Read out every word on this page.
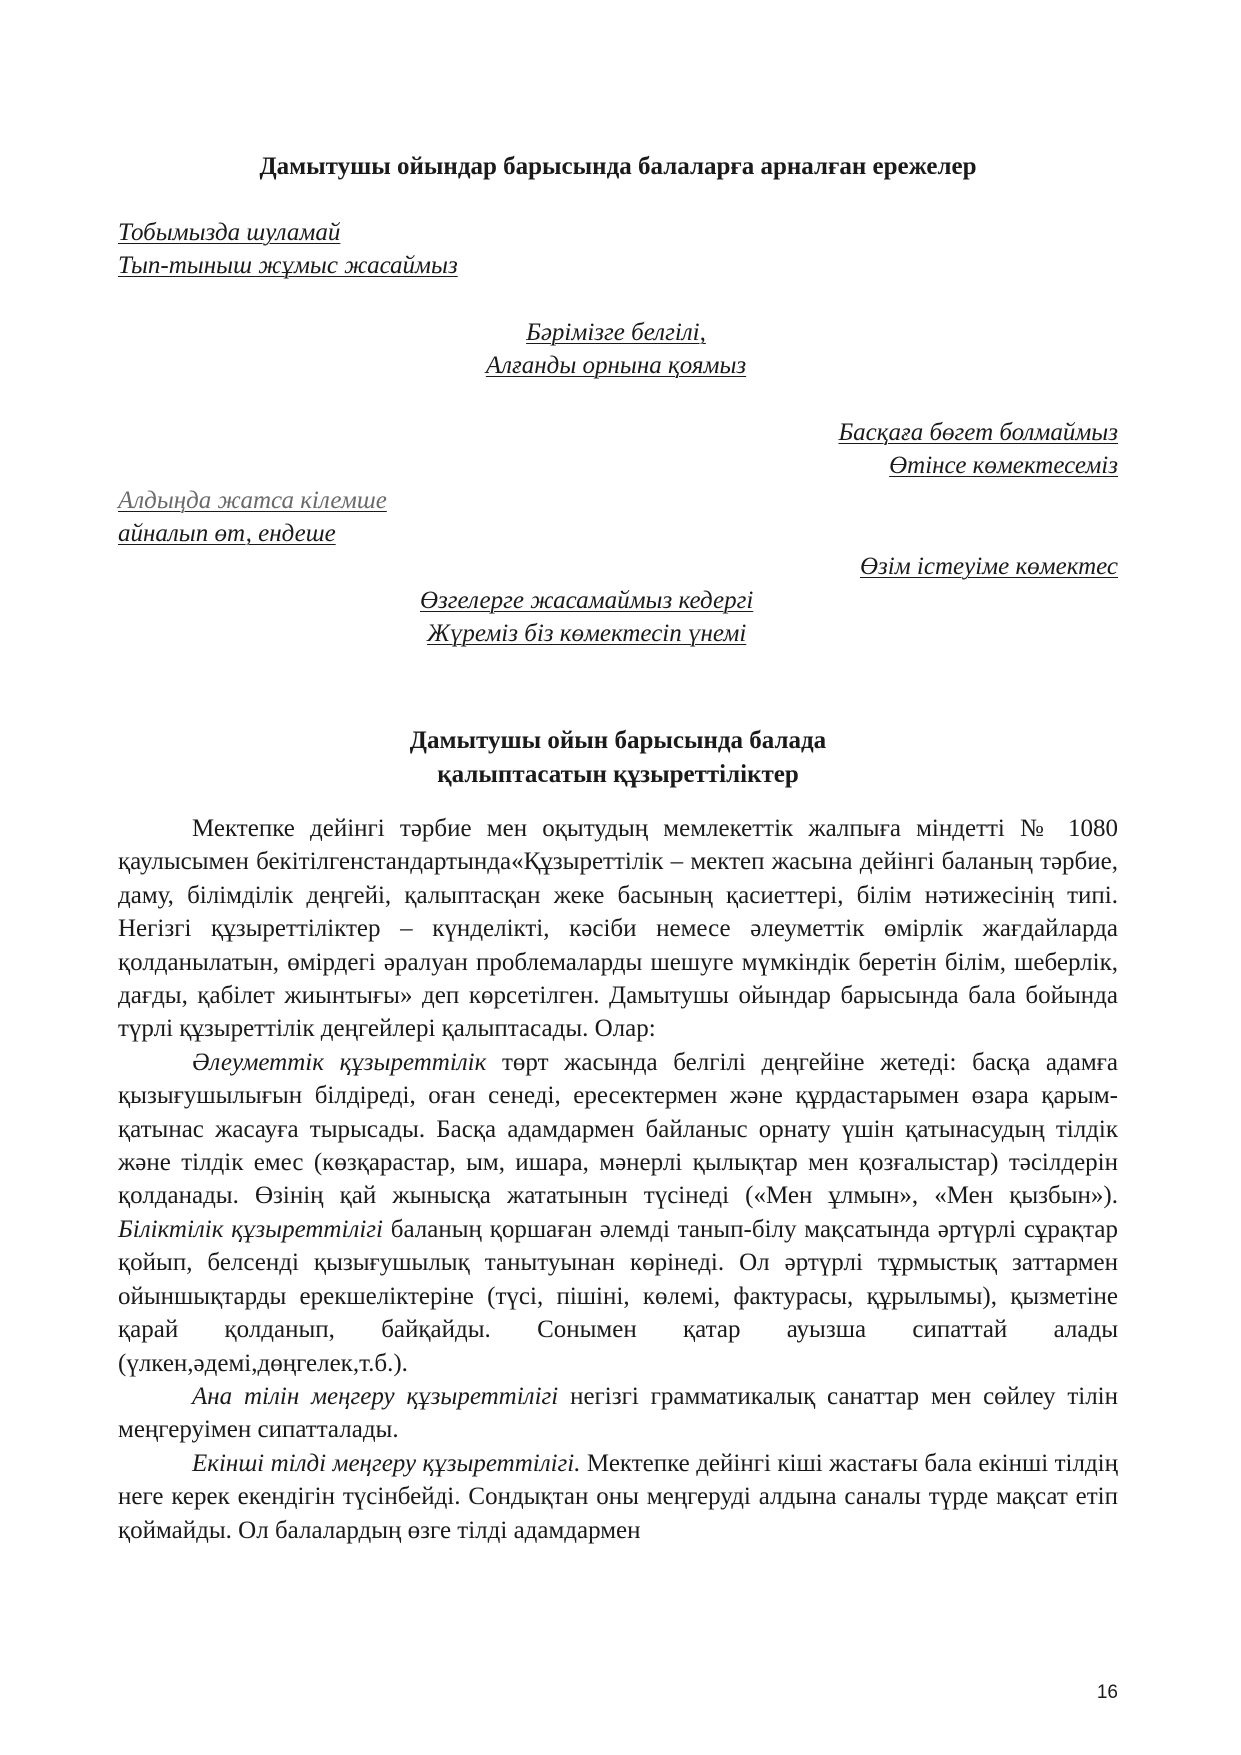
Дамытушы ойындар барысында балаларға арналған ережелер
Тобымызда шуламай
Тып-тыныш жұмыс жасаймыз
Бәрімізге белгілі,
Алғанды орнына қоямыз
Басқаға бөгет болмаймыз
Өтінсе көмектесеміз
Алдыңда жатса кілемше
айналып өт, ендеше
Өзім істеуіме көмектес
Өзгелерге жасамаймыз кедергі
Жүреміз біз көмектесіп үнемі
Дамытушы ойын барысында балада
қалыптасатын құзыреттіліктер

Мектепке дейінгі тәрбие мен оқытудың мемлекеттік жалпыға міндетті № 1080 қаулысымен бекітілгенстандартында«Құзыреттілік – мектеп жасына дейінгі баланың тәрбие, даму, білімділік деңгейі, қалыптасқан жеке басының қасиеттері, білім нәтижесінің типі. Негізгі құзыреттіліктер – күнделікті, кәсіби немесе әлеуметтік өмірлік жағдайларда қолданылатын, өмірдегі әралуан проблемаларды шешуге мүмкіндік беретін білім, шеберлік, дағды, қабілет жиынтығы» деп көрсетілген. Дамытушы ойындар барысында бала бойында түрлі құзыреттілік деңгейлері қалыптасады. Олар:

Әлеуметтік құзыреттілік төрт жасында белгілі деңгейіне жетеді: басқа адамға қызығушылығын білдіреді, оған сенеді, ересектермен және құрдастарымен өзара қарым-қатынас жасауға тырысады. Басқа адамдармен байланыс орнату үшін қатынасудың тілдік және тілдік емес (көзқарастар, ым, ишара, мәнерлі қылықтар мен қозғалыстар) тәсілдерін қолданады. Өзінің қай жынысқа жататынын түсінеді («Мен ұлмын», «Мен қызбын»). Біліктілік құзыреттілігі баланың қоршаған әлемді танып-білу мақсатында әртүрлі сұрақтар қойып, белсенді қызығушылық танытуынан көрінеді. Ол әртүрлі тұрмыстық заттармен ойыншықтарды ерекшеліктеріне (түсі, пішіні, көлемі, фактурасы, құрылымы), қызметіне қарай қолданып, байқайды. Сонымен қатар ауызша сипаттай алады (үлкен,әдемі,дөңгелек,т.б.).

Ана тілін меңгеру құзыреттілігі негізгі грамматикалық санаттар мен сөйлеу тілін меңгеруімен сипатталады.

Екінші тілді меңгеру құзыреттілігі. Мектепке дейінгі кіші жастағы бала екінші тілдің неге керек екендігін түсінбейді. Сондықтан оны меңгеруді алдына саналы түрде мақсат етіп қоймайды. Ол балалардың өзге тілді адамдармен

16
